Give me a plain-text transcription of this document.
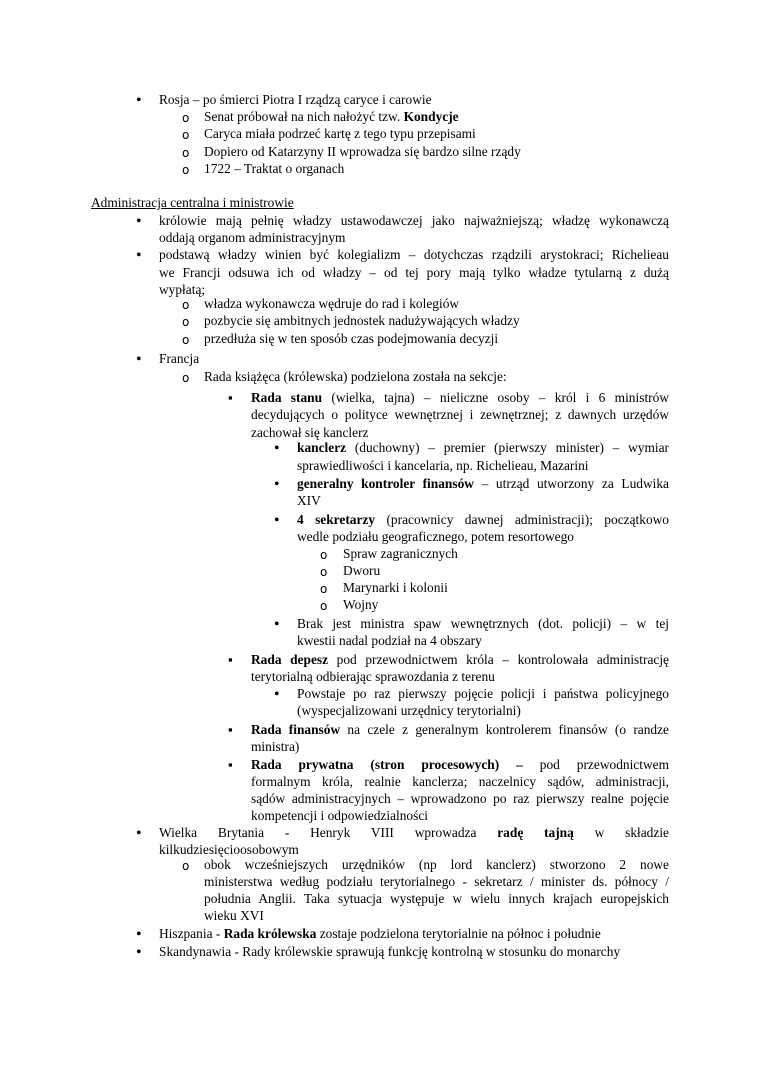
•
Rosja – po śmierci Piotra I rządzą carycе i carowie
o
Senat próbował na nich nałożyć tzw. Kondycje
o
Caryca miała podrzeć kartę z tego typu przepisami
o
Dopiero od Katarzyny II wprowadza się bardzo silne rządy
o
1722 – Traktat o organach
Administracja centralna i ministrowie
•
królowie mają pełnię władzy ustawodawczej jako najważniejszą; władzę wykonawczą
oddają organom administracyjnym
•
podstawą władzy winien być kolegializm – dotychczas rządzili arystokraci; Richelieau
we Francji odsuwa ich od władzy – od tej pory mają tylko władze tytularną z dużą
wypłatą;
o
władza wykonawcza wędruje do rad i kolegiów
o
pozbycie się ambitnych jednostek nadużywających władzy
o
przedłuża się w ten sposób czas podejmowania decyzji
•
Francja
o
Rada książęca (królewska) podzielona została na sekcje:
▪
Rada stanu (wielka, tajna) – nieliczne osoby – król i 6 ministrów
decydujących o polityce wewnętrznej i zewnętrznej; z dawnych urzędów
zachował się kanclerz
•
kanclerz (duchowny) – premier (pierwszy minister) – wymiar
sprawiedliwości i kancelaria, np. Richelieau, Mazarini
•
generalny kontroler finansów – utrząd utworzony za Ludwika
XIV
•
4 sekretarzy (pracownicy dawnej administracji); początkowo
wedle podziału geograficznego, potem resortowego
o
Spraw zagranicznych
o
Dworu
o
Marynarki i kolonii
o
Wojny
•
Brak jest ministra spaw wewnętrznych (dot. policji) – w tej
kwestii nadal podział na 4 obszary
▪
Rada depesz pod przewodnictwem króla – kontrolowała administrację
terytorialną odbierając sprawozdania z terenu
•
Powstaje po raz pierwszy pojęcie policji i państwa policyjnego
(wyspecjalizowani urzędnicy terytorialni)
▪
Rada finansów na czele z generalnym kontrolerem finansów (o randze
ministra)
▪
Rada prywatna (stron procesowych) – pod przewodnictwem
formalnym króla, realnie kanclerza; naczelnicy sądów, administracji,
sądów administracyjnych – wprowadzono po raz pierwszy realne pojęcie
kompetencji i odpowiedzialności
•
Wielka Brytania - Henryk VIII wprowadza radę tajną w składzie
kilkudziesięcioosobowym
o
obok wcześniejszych urzędników (np lord kanclerz) stworzono 2 nowe
ministerstwa według podziału terytorialnego - sekretarz / minister ds. północy /
południa Anglii. Taka sytuacja występuje w wielu innych krajach europejskich
wieku XVI
•
Hiszpania - Rada królewska zostaje podzielona terytorialnie na północ i południe
•
Skandynawia - Rady królewskie sprawują funkcję kontrolną w stosunku do monarchy
